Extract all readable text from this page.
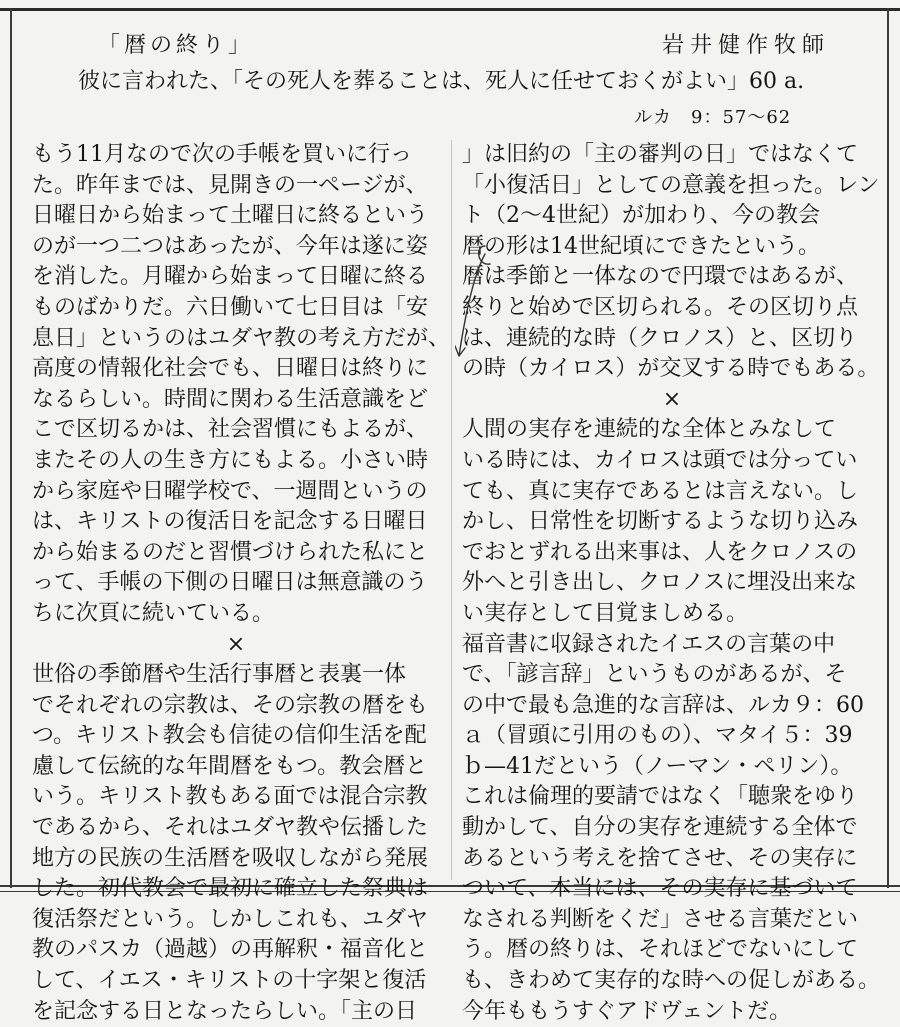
「暦の終り」	岩井健作牧師
彼に言われた、「その死人を葬ることは、死人に任せておくがよい」60 a.
ルカ　9：57〜62
もう11月なので次の手帳を買いに行っ
た。昨年までは、見開きの一ページが、
日曜日から始まって土曜日に終るという
のが一つ二つはあったが、今年は遂に姿
を消した。月曜から始まって日曜に終る
ものばかりだ。六日働いて七日目は「安
息日」というのはユダヤ教の考え方だが、
高度の情報化社会でも、日曜日は終りに
なるらしい。時間に関わる生活意識をど
こで区切るかは、社会習慣にもよるが、
またその人の生き方にもよる。小さい時
から家庭や日曜学校で、一週間というの
は、キリストの復活日を記念する日曜日
から始まるのだと習慣づけられた私にと
って、手帳の下側の日曜日は無意識のう
ちに次頁に続いている。
×
世俗の季節暦や生活行事暦と表裏一体
でそれぞれの宗教は、その宗教の暦をも
つ。キリスト教会も信徒の信仰生活を配
慮して伝統的な年間暦をもつ。教会暦と
いう。キリスト教もある面では混合宗教
であるから、それはユダヤ教や伝播した
地方の民族の生活暦を吸収しながら発展
した。初代教会で最初に確立した祭典は
復活祭だという。しかしこれも、ユダヤ
教のパスカ（過越）の再解釈・福音化と
して、イエス・キリストの十字架と復活
を記念する日となったらしい。「主の日
」は旧約の「主の審判の日」ではなくて
「小復活日」としての意義を担った。レン
ト（2〜4世紀）が加わり、今の教会
暦の形は14世紀頃にできたという。
暦は季節と一体なので円環ではあるが、
終りと始めで区切られる。その区切り点
は、連続的な時（クロノス）と、区切り
の時（カイロス）が交叉する時でもある。
×
人間の実存を連続的な全体とみなして
いる時には、カイロスは頭では分ってい
ても、真に実存であるとは言えない。し
かし、日常性を切断するような切り込み
でおとずれる出来事は、人をクロノスの
外へと引き出し、クロノスに埋没出来な
い実存として目覚ましめる。
福音書に収録されたイエスの言葉の中
で、「諺言辞」というものがあるが、そ
の中で最も急進的な言辞は、ルカ９：60
ａ（冒頭に引用のもの）、マタイ５：39
ｂ—41だという（ノーマン・ペリン）。
これは倫理的要請ではなく「聴衆をゆり
動かして、自分の実存を連続する全体で
あるという考えを捨てさせ、その実存に
ついて、本当には、その実存に基づいて
なされる判断をくだ」させる言葉だとい
う。暦の終りは、それほどでないにして
も、きわめて実存的な時への促しがある。
今年ももうすぐアドヴェントだ。
